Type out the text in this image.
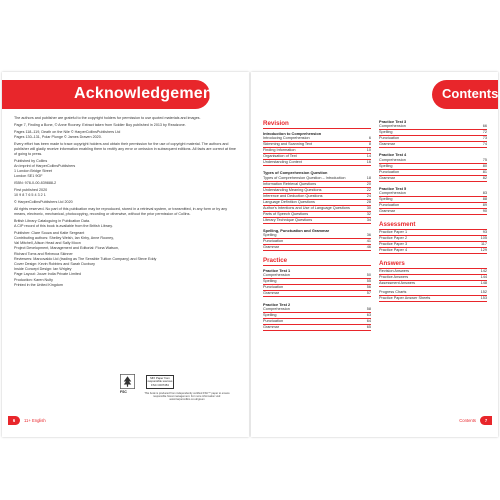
Acknowledgements

The authors and publisher are grateful to the copyright holders for permission to use quoted materials and images.

Page 7, Finding a Bone, © Anne Rooney. Extract taken from Soldier Boy published in 2013 by Readzone.

Pages 118–119, Death on the Nile © HarperCollinsPublishers Ltd
Pages 130–131, Polar Plunge © James Draven 2020.

Every effort has been made to trace copyright holders and obtain their permission for the use of copyright material. The authors and publisher will gladly receive information enabling them to rectify any error or omission in subsequent editions. All facts are correct at time of going to press.

Published by Collins
An imprint of HarperCollinsPublishers
1 London Bridge Street
London SE1 9GF

ISBN: 978-0-00-839888-2

First published 2020
10 9 8 7 6 5 4 3 2 1

© HarperCollinsPublishers Ltd 2020

All rights reserved. No part of this publication may be reproduced, stored in a retrieval system, or transmitted, in any form or by any means, electronic, mechanical, photocopying, recording or otherwise, without the prior permission of Collins.

British Library Cataloguing in Publication Data.
A CIP record of this book is available from the British Library.

Publisher: Clare Souza and Katie Sergeant
Contributing authors: Shelley Welsh, Ian Kirby, Anne Rooney,
Val Mitchell, Alison Head and Sally Moon
Project Development, Management and Editorial: Fiona Watson,
Richard Toms and Rebecca Skinner
Reviewers: Marcovaldo Ltd (trading as The Sensible Tuition Company) and Steve Eddy
Cover Design: Kevin Robbins and Sarah Duxbury
Inside Concept Design: Ian Wrigley
Page Layout: Jouve India Private Limited
Production: Karen Nulty
Printed in the United Kingdom

FSC
MIX Paper from responsible sources FSC C007454
This book is produced from independently certified FSC™ paper to ensure responsible forest management. For more information visit: www.harpercollins.co.uk/green
6	11+ English
Contents
Revision
Introduction to Comprehension
Introducing Comprehension	6
Skimming and Scanning Text	8
Finding Information	10
Organisation of Text	14
Understanding Context	16
Types of Comprehension Question
Types of Comprehension Question – Introduction	18
Information Retrieval Questions	20
Understanding Meaning Questions	22
Inference and Deduction Questions	24
Language Definition Questions	28
Author's Intentions and Use of Language Questions	30
Parts of Speech Questions	32
Literary Technique Questions	34
Spelling, Punctuation and Grammar
Spelling	36
Punctuation	41
Grammar	46
Practice
Practice Test 1
Comprehension	50
Spelling	55
Punctuation	56
Grammar	57
Practice Test 2
Comprehension	58
Spelling	63
Punctuation	64
Grammar	65
Practice Test 3
Comprehension	66
Spelling	72
Punctuation	73
Grammar	74
Practice Test 4
Comprehension	75
Spelling	80
Punctuation	81
Grammar	82
Practice Test 5
Comprehension	83
Spelling	88
Punctuation	89
Grammar	90
Assessment
Practice Paper 1	93
Practice Paper 2	105
Practice Paper 3	117
Practice Paper 4	129
Answers
Revision Answers	142
Practice Answers	144
Assessment Answers	148
Progress Charts	152
Practice Paper Answer Sheets	153
Contents	7
